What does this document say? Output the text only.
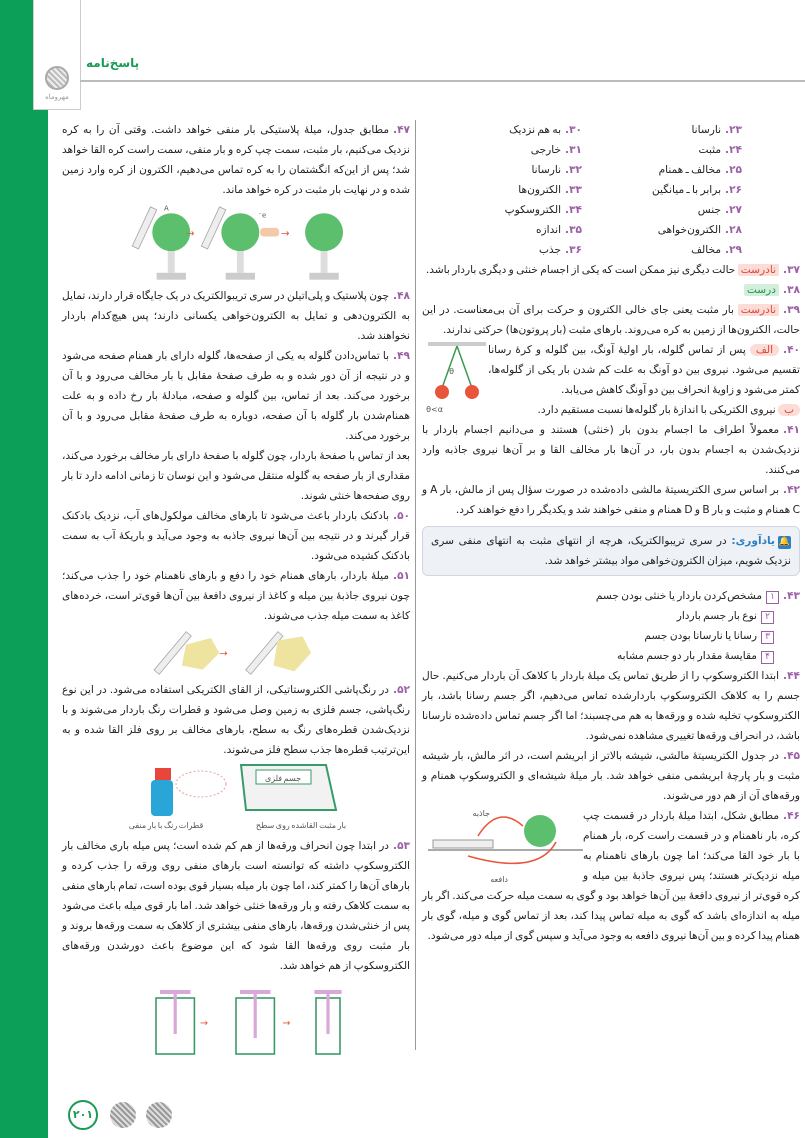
مهروماه
پاسخ‌نامه
۲۳.نارسانا
۳۰.به هم نزدیک
۲۴.مثبت
۳۱.خارجی
۲۵.مخالف ـ همنام
۳۲.نارسانا
۲۶.برابر با ـ میانگین
۳۳.الکترون‌ها
۲۷.جنس
۳۴.الکتروسکوپ
۲۸.الکترون‌خواهی
۳۵.اندازه
۲۹.مخالف
۳۶.جذب

۳۷.نادرست حالت دیگری نیز ممکن است که یکی از اجسام خنثی و دیگری باردار باشد.

۳۸.درست

۳۹.نادرست بار مثبت یعنی جای خالی الکترون و حرکت برای آن بی‌معناست. در این حالت، الکترون‌ها از زمین به کره می‌روند. بارهای مثبت (بار پروتون‌ها) حرکتی ندارند.

θ
θ<α
۴۰.الف پس از تماس گلوله، بار اولیهٔ آونگ، بین گلوله و کرهٔ رسانا تقسیم می‌شود. نیروی بین دو آونگ به علت کم شدن بار یکی از گلوله‌ها، کمتر می‌شود و زاویهٔ انحراف بین دو آونگ کاهش می‌یابد.
ب نیروی الکتریکی با اندازهٔ بار گلوله‌ها نسبت مستقیم دارد.

۴۱.معمولاً اطراف ما اجسام بدون بار (خنثی) هستند و می‌دانیم اجسام باردار با نزدیک‌شدن به اجسام بدون بار، در آن‌ها بار مخالف القا و بر آن‌ها نیروی جاذبه وارد می‌کنند.

۴۲.بر اساس سری الکتریسیتهٔ مالشی داده‌شده در صورت سؤال پس از مالش، بار A و C همنام و مثبت و بار B و D همنام و منفی خواهند شد و یکدیگر را دفع خواهند کرد.

🔔یادآوری: در سری تریبوالکتریک، هرچه از انتهای مثبت به انتهای منفی سری نزدیک شویم، میزان الکترون‌خواهی مواد بیشتر خواهد شد.
۴۳.۱مشخص‌کردن باردار یا خنثی بودن جسم
۲نوع بار جسم باردار
۳رسانا یا نارسانا بودن جسم
۴مقایسهٔ مقدار بار دو جسم مشابه

۴۴.ابتدا الکتروسکوپ را از طریق تماس یک میلهٔ باردار با کلاهک آن باردار می‌کنیم. حال جسم را به کلاهک الکتروسکوپ باردارشده تماس می‌دهیم، اگر جسم رسانا باشد، بار الکتروسکوپ تخلیه شده و ورقه‌ها به هم می‌چسبند؛ اما اگر جسم تماس داده‌شده نارسانا باشد، در انحراف ورقه‌ها تغییری مشاهده نمی‌شود.

۴۵.در جدول الکتریسیتهٔ مالشی، شیشه بالاتر از ابریشم است، در اثر مالش، بار شیشه مثبت و بار پارچهٔ ابریشمی منفی خواهد شد. بار میلهٔ شیشه‌ای و الکتروسکوپ همنام و ورقه‌های آن از هم دور می‌شوند.

جاذبه
دافعه
۴۶.مطابق شکل، ابتدا میلهٔ باردار در قسمت چپ کره، بار ناهمنام و در قسمت راست کره، بار همنام با بار خود القا می‌کند؛ اما چون بارهای ناهمنام به میله نزدیک‌تر هستند؛ پس نیروی جاذبهٔ بین میله و کره قوی‌تر از نیروی دافعهٔ بین آن‌ها خواهد بود و گوی به سمت میله حرکت می‌کند. اگر بار میله به اندازه‌ای باشد که گوی به میله تماس پیدا کند، بعد از تماس گوی و میله، گوی بار همنام پیدا کرده و بین آن‌ها نیروی دافعه به وجود می‌آید و سپس گوی از میله دور می‌شود.

۴۷.مطابق جدول، میلهٔ پلاستیکی بار منفی خواهد داشت. وقتی آن را به کره نزدیک می‌کنیم، بار مثبت، سمت چپ کره و بار منفی، سمت راست کره القا خواهد شد؛ پس از این‌که انگشتمان را به کره تماس می‌دهیم، الکترون از کره وارد زمین شده و در نهایت بار مثبت در کره خواهد ماند.

A
→
e⁻
→

۴۸.چون پلاستیک و پلی‌اتیلن در سری تریبوالکتریک در یک جایگاه قرار دارند، تمایل به الکترون‌دهی و تمایل به الکترون‌خواهی یکسانی دارند؛ پس هیچ‌کدام باردار نخواهند شد.

۴۹.با تماس‌دادن گلوله به یکی از صفحه‌ها، گلوله دارای بار همنام صفحه می‌شود و در نتیجه از آن دور شده و به طرف صفحهٔ مقابل با بار مخالف می‌رود و با آن برخورد می‌کند. بعد از تماس، بین گلوله و صفحه، مبادلهٔ بار رخ داده و به علت همنام‌شدن بار گلوله با آن صفحه، دوباره به طرف صفحهٔ مقابل می‌رود و با آن برخورد می‌کند.

بعد از تماس با صفحهٔ باردار، چون گلوله با صفحهٔ دارای بار مخالف برخورد می‌کند، مقداری از بار صفحه به گلوله منتقل می‌شود و این نوسان تا زمانی ادامه دارد تا بار روی صفحه‌ها خنثی شوند.

۵۰.بادکنک باردار باعث می‌شود تا بارهای مخالف مولکول‌های آب، نزدیک بادکنک قرار گیرند و در نتیجه بین آن‌ها نیروی جاذبه به وجود می‌آید و باریکهٔ آب به سمت بادکنک کشیده می‌شود.

۵۱.میلهٔ باردار، بارهای همنام خود را دفع و بارهای ناهمنام خود را جذب می‌کند؛ چون نیروی جاذبهٔ بین میله و کاغذ از نیروی دافعهٔ بین آن‌ها قوی‌تر است، خرده‌های کاغذ به سمت میله جذب می‌شوند.

→

۵۲.در رنگ‌پاشی الکتروستاتیکی، از القای الکتریکی استفاده می‌شود. در این نوع رنگ‌پاشی، جسم فلزی به زمین وصل می‌شود و قطرات رنگ باردار می‌شوند و با نزدیک‌شدن قطره‌های رنگ به سطح، بارهای مخالف بر روی فلز القا شده و به این‌ترتیب قطره‌ها جذب سطح فلز می‌شوند.

جسم فلزی
بار مثبت القاشده روی سطح
قطرات رنگ با بار منفی

۵۳.در ابتدا چون انحراف ورقه‌ها از هم کم شده است؛ پس میله باری مخالف بار الکتروسکوپ داشته که توانسته است بارهای منفی روی ورقه را جذب کرده و بارهای آن‌ها را کمتر کند، اما چون بار میله بسیار قوی بوده است، تمام بارهای منفی به سمت کلاهک رفته و بار ورقه‌ها خنثی خواهد شد. اما بار قوی میله باعث می‌شود پس از خنثی‌شدن ورقه‌ها، بارهای منفی بیشتری از کلاهک به سمت ورقه‌ها بروند و بار مثبت روی ورقه‌ها القا شود که این موضوع باعث دورشدن ورقه‌های الکتروسکوپ از هم خواهد شد.

→	→
۲۰۱
